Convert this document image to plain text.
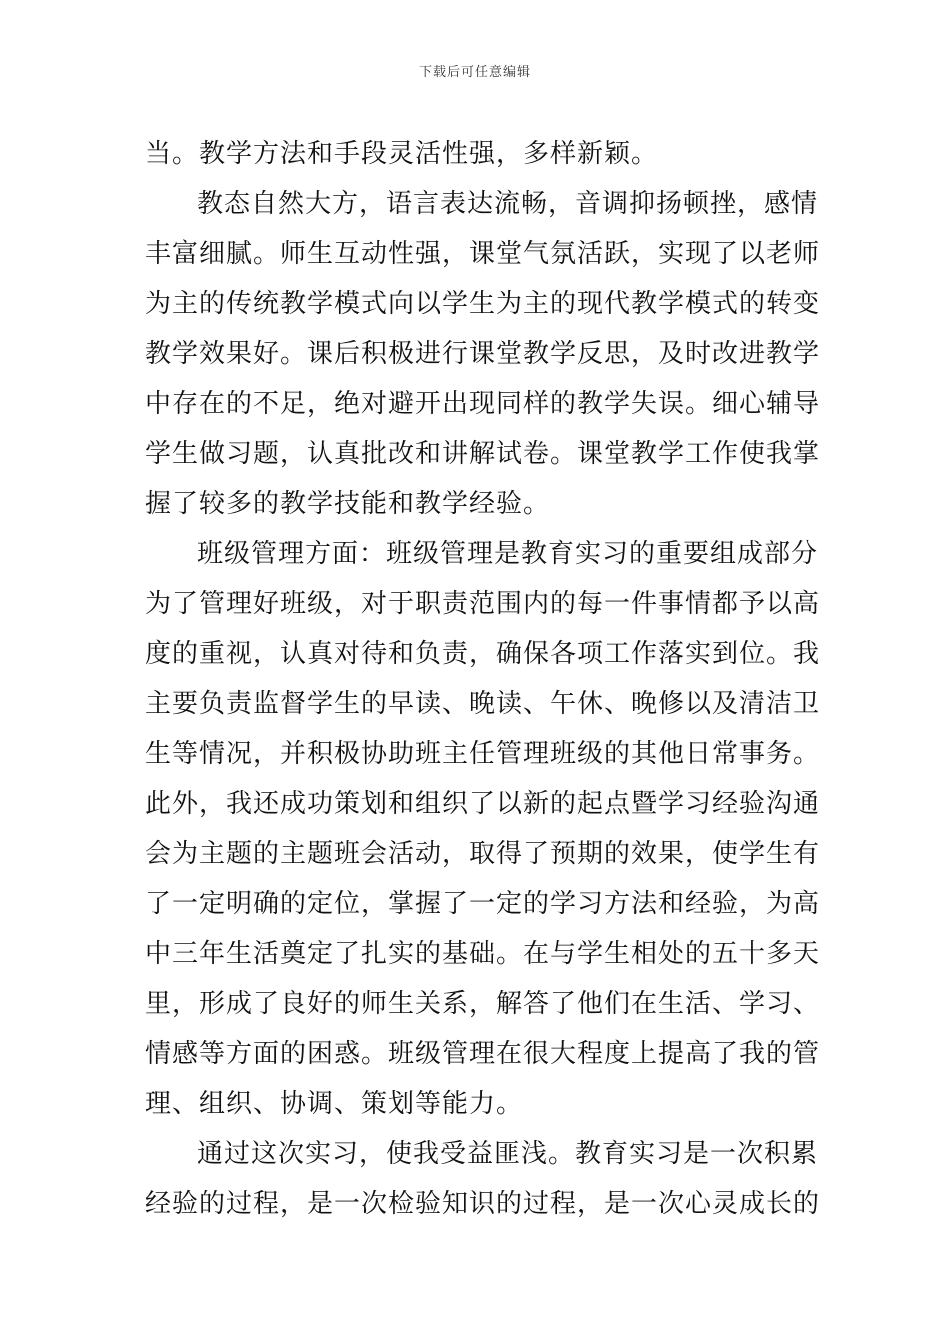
下载后可任意编辑
当。教学方法和手段灵活性强，多样新颖。
教态自然大方，语言表达流畅，音调抑扬顿挫，感情
丰富细腻。师生互动性强，课堂气氛活跃，实现了以老师
为主的传统教学模式向以学生为主的现代教学模式的转变
教学效果好。课后积极进行课堂教学反思，及时改进教学
中存在的不足，绝对避开出现同样的教学失误。细心辅导
学生做习题，认真批改和讲解试卷。课堂教学工作使我掌
握了较多的教学技能和教学经验。
班级管理方面：班级管理是教育实习的重要组成部分
为了管理好班级，对于职责范围内的每一件事情都予以高
度的重视，认真对待和负责，确保各项工作落实到位。我
主要负责监督学生的早读、晚读、午休、晚修以及清洁卫
生等情况，并积极协助班主任管理班级的其他日常事务。
此外，我还成功策划和组织了以新的起点暨学习经验沟通
会为主题的主题班会活动，取得了预期的效果，使学生有
了一定明确的定位，掌握了一定的学习方法和经验，为高
中三年生活奠定了扎实的基础。在与学生相处的五十多天
里，形成了良好的师生关系，解答了他们在生活、学习、
情感等方面的困惑。班级管理在很大程度上提高了我的管
理、组织、协调、策划等能力。
通过这次实习，使我受益匪浅。教育实习是一次积累
经验的过程，是一次检验知识的过程，是一次心灵成长的
